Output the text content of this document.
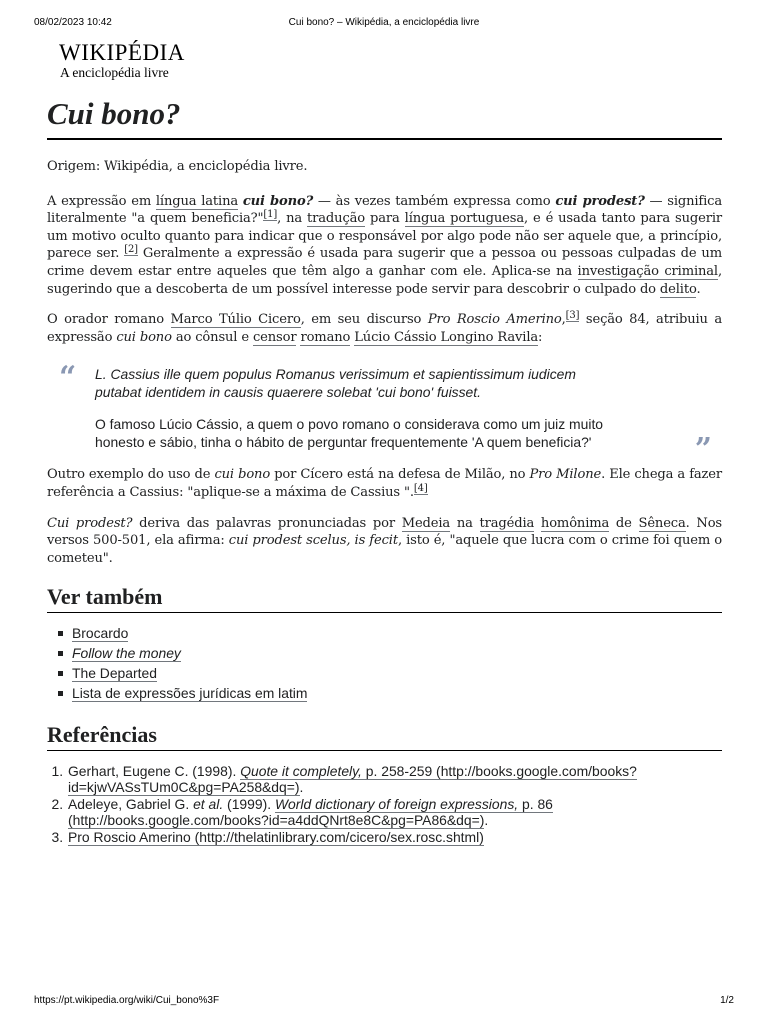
08/02/2023 10:42	Cui bono? – Wikipédia, a enciclopédia livre
WIKIPÉDIA
A enciclopédia livre
Cui bono?

Origem: Wikipédia, a enciclopédia livre.

A expressão em língua latina cui bono? — às vezes também expressa como cui prodest? — significa literalmente "a quem beneficia?"[1], na tradução para língua portuguesa, e é usada tanto para sugerir um motivo oculto quanto para indicar que o responsável por algo pode não ser aquele que, a princípio, parece ser. [2] Geralmente a expressão é usada para sugerir que a pessoa ou pessoas culpadas de um crime devem estar entre aqueles que têm algo a ganhar com ele. Aplica-se na investigação criminal, sugerindo que a descoberta de um possível interesse pode servir para descobrir o culpado do delito.

O orador romano Marco Túlio Cicero, em seu discurso Pro Roscio Amerino,[3] seção 84, atribuiu a expressão cui bono ao cônsul e censor romano Lúcio Cássio Longino Ravila:

“ L. Cassius ille quem populus Romanus verissimum et sapientissimum iudicem
putabat identidem in causis quaerere solebat 'cui bono' fuisset.
O famoso Lúcio Cássio, a quem o povo romano o considerava como um juiz muito
honesto e sábio, tinha o hábito de perguntar frequentemente 'A quem beneficia?'	”

Outro exemplo do uso de cui bono por Cícero está na defesa de Milão, no Pro Milone. Ele chega a fazer referência a Cassius: "aplique-se a máxima de Cassius ".[4]

Cui prodest? deriva das palavras pronunciadas por Medeia na tragédia homônima de Sêneca. Nos versos 500-501, ela afirma: cui prodest scelus, is fecit, isto é, "aquele que lucra com o crime foi quem o cometeu".

Ver também
Brocardo
Follow the money
The Departed
Lista de expressões jurídicas em latim
Referências
1. Gerhart, Eugene C. (1998). Quote it completely, p. 258-259 (http://books.google.com/books?id=kjwVASsTUm0C&pg=PA258&dq=).
2. Adeleye, Gabriel G. et al. (1999). World dictionary of foreign expressions, p. 86 (http://books.google.com/books?id=a4ddQNrt8e8C&pg=PA86&dq=).
3. Pro Roscio Amerino (http://thelatinlibrary.com/cicero/sex.rosc.shtml)
https://pt.wikipedia.org/wiki/Cui_bono%3F	1/2
